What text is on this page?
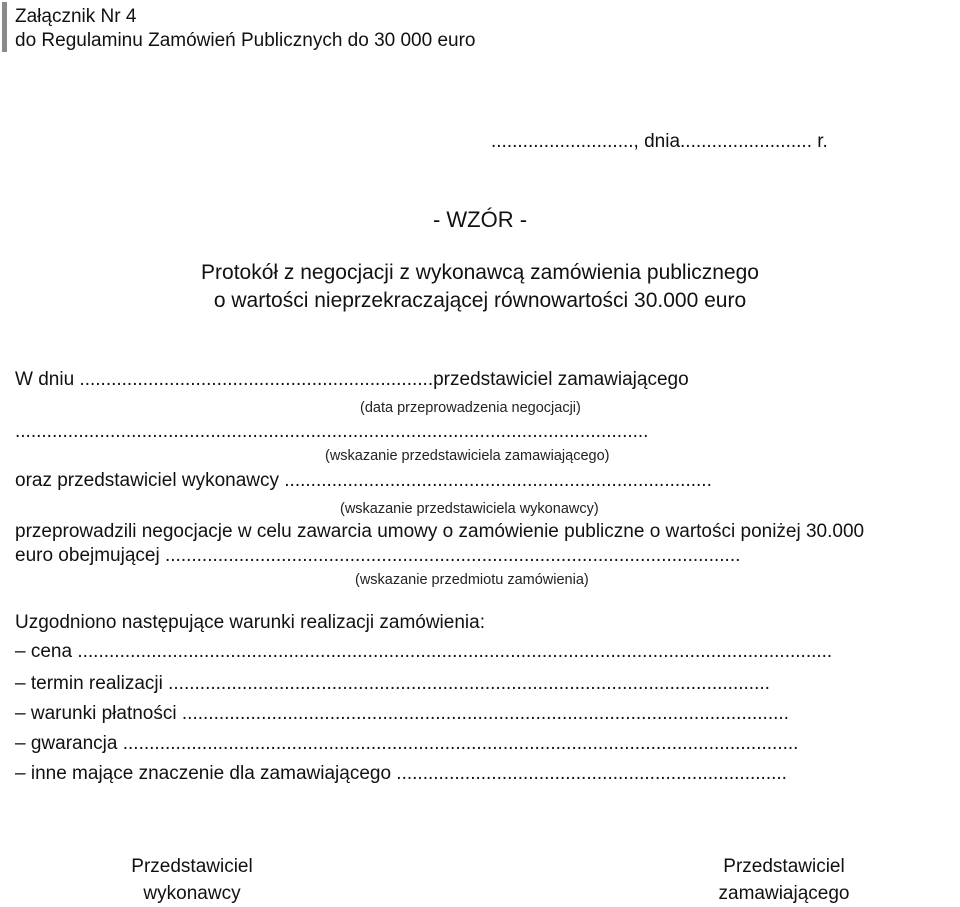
Załącznik Nr 4
do Regulaminu Zamówień Publicznych do 30 000 euro
..........................., dnia......................... r.
- WZÓR -
Protokół z negocjacji z wykonawcą zamówienia publicznego
o wartości nieprzekraczającej równowartości 30.000 euro
W dniu ...................................................................przedstawiciel zamawiającego
(data przeprowadzenia negocjacji)
........................................................................................................................
(wskazanie przedstawiciela zamawiającego)
oraz przedstawiciel wykonawcy .................................................................................
(wskazanie przedstawiciela wykonawcy)
przeprowadzili negocjacje w celu zawarcia umowy o zamówienie publiczne o wartości poniżej 30.000
euro obejmującej .............................................................................................................
(wskazanie przedmiotu zamówienia)
Uzgodniono następujące warunki realizacji zamówienia:
– cena ...............................................................................................................................................
– termin realizacji ..................................................................................................................
– warunki płatności ...................................................................................................................
– gwarancja ................................................................................................................................
– inne mające znaczenie dla zamawiającego ..........................................................................
Przedstawiciel
wykonawcy
Przedstawiciel
zamawiającego
